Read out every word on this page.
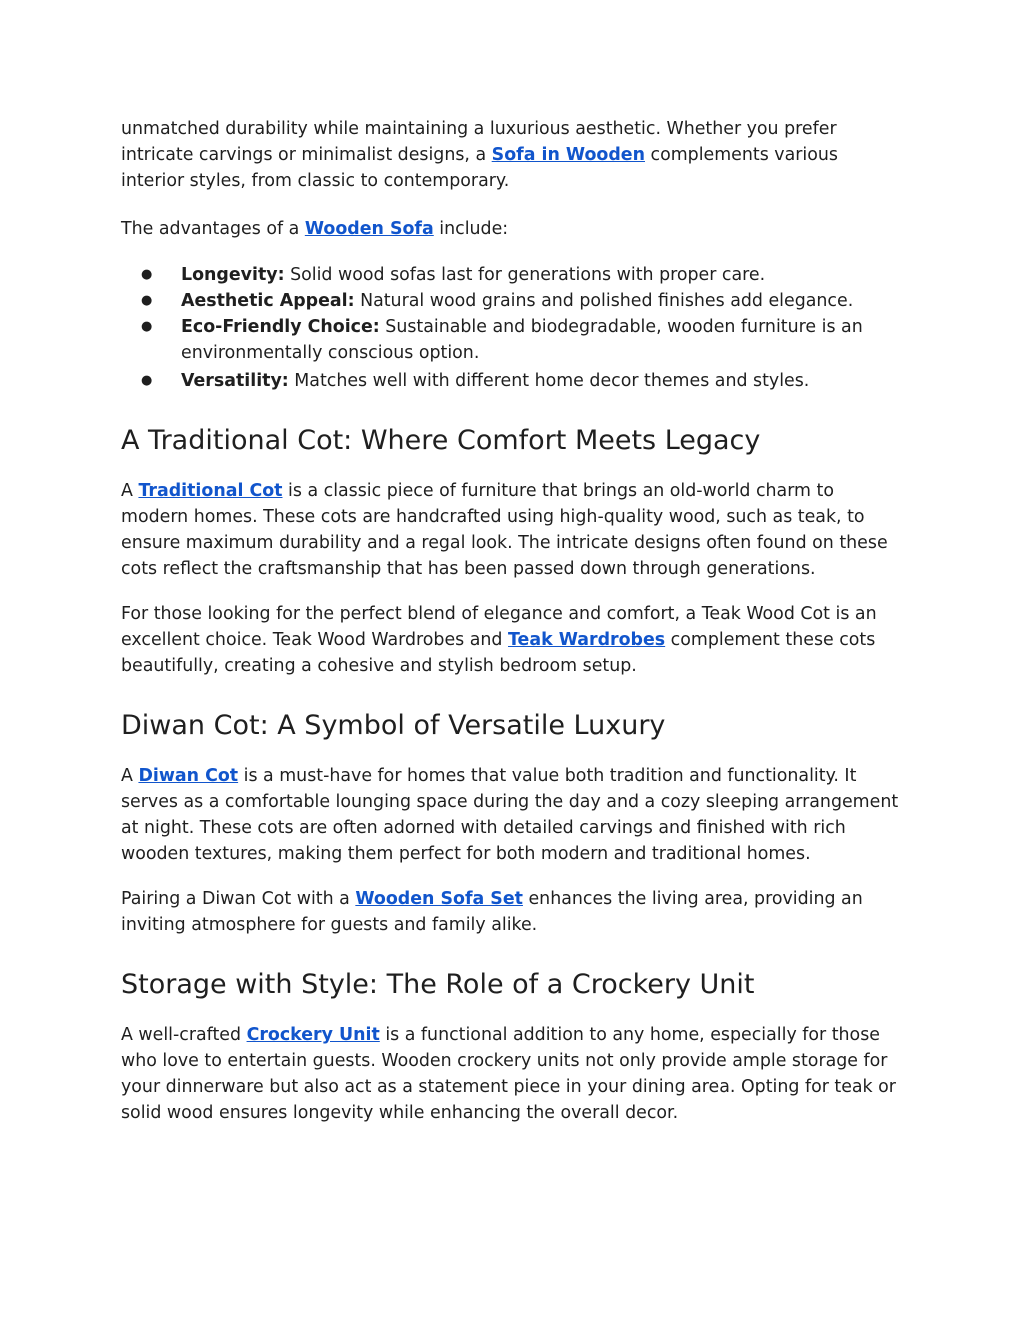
unmatched durability while maintaining a luxurious aesthetic. Whether you prefer intricate carvings or minimalist designs, a Sofa in Wooden complements various interior styles, from classic to contemporary.

The advantages of a Wooden Sofa include:

● Longevity: Solid wood sofas last for generations with proper care.
● Aesthetic Appeal: Natural wood grains and polished finishes add elegance.
● Eco-Friendly Choice: Sustainable and biodegradable, wooden furniture is an environmentally conscious option.
● Versatility: Matches well with different home decor themes and styles.
A Traditional Cot: Where Comfort Meets Legacy

A Traditional Cot is a classic piece of furniture that brings an old-world charm to modern homes. These cots are handcrafted using high-quality wood, such as teak, to ensure maximum durability and a regal look. The intricate designs often found on these cots reflect the craftsmanship that has been passed down through generations.

For those looking for the perfect blend of elegance and comfort, a Teak Wood Cot is an excellent choice. Teak Wood Wardrobes and Teak Wardrobes complement these cots beautifully, creating a cohesive and stylish bedroom setup.

Diwan Cot: A Symbol of Versatile Luxury

A Diwan Cot is a must-have for homes that value both tradition and functionality. It serves as a comfortable lounging space during the day and a cozy sleeping arrangement at night. These cots are often adorned with detailed carvings and finished with rich wooden textures, making them perfect for both modern and traditional homes.

Pairing a Diwan Cot with a Wooden Sofa Set enhances the living area, providing an inviting atmosphere for guests and family alike.

Storage with Style: The Role of a Crockery Unit

A well-crafted Crockery Unit is a functional addition to any home, especially for those who love to entertain guests. Wooden crockery units not only provide ample storage for your dinnerware but also act as a statement piece in your dining area. Opting for teak or solid wood ensures longevity while enhancing the overall decor.
